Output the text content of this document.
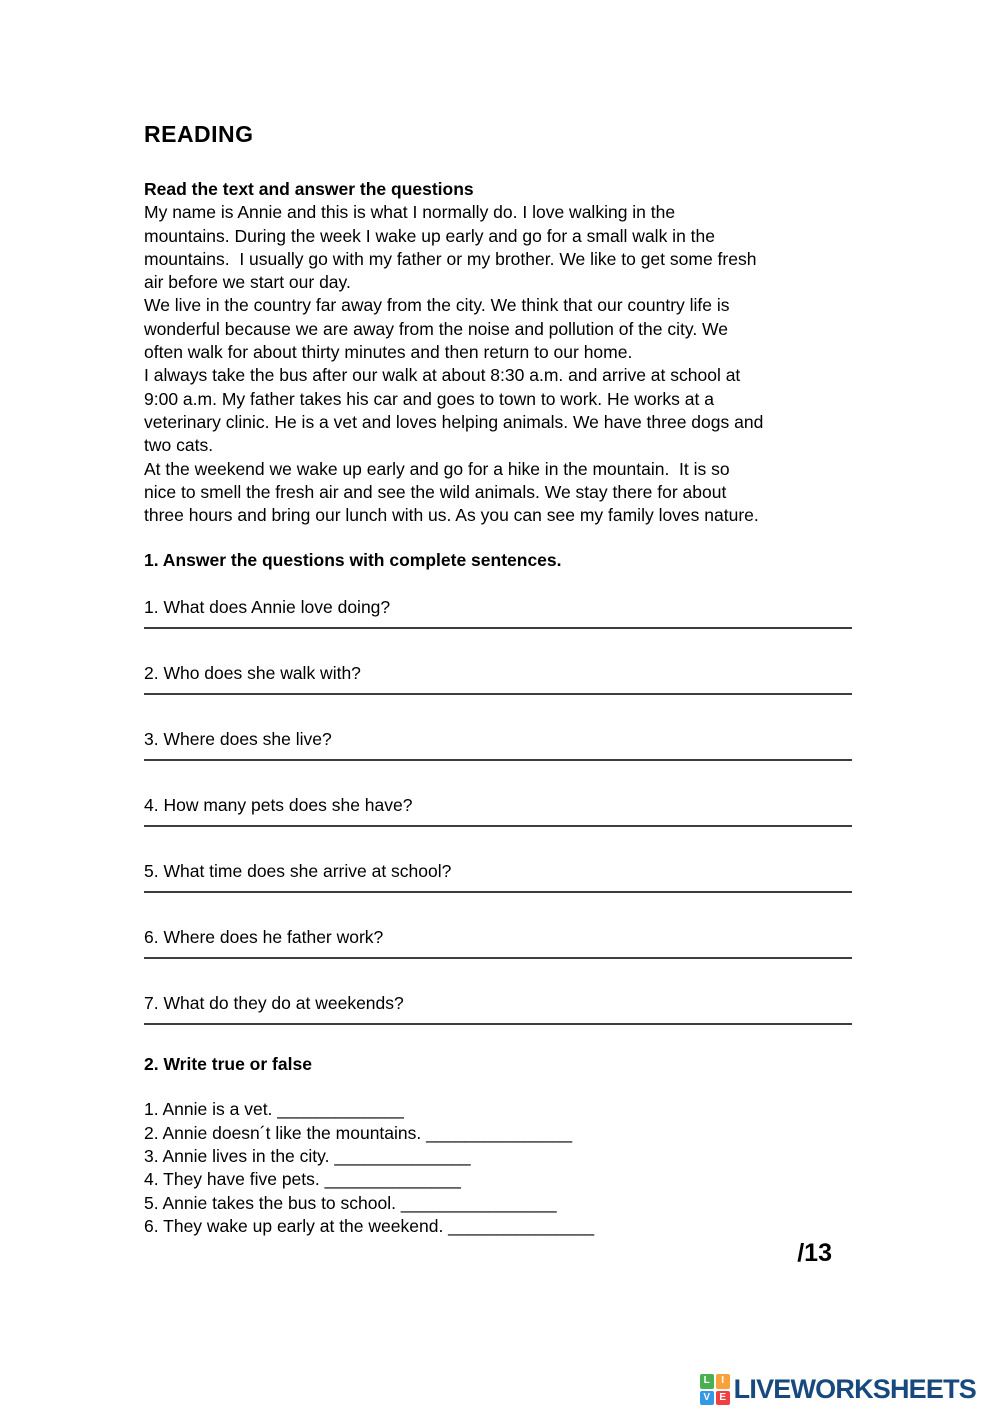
READING
Read the text and answer the questions
My name is Annie and this is what I normally do. I love walking in the
mountains. During the week I wake up early and go for a small walk in the
mountains.  I usually go with my father or my brother. We like to get some fresh
air before we start our day.
We live in the country far away from the city. We think that our country life is
wonderful because we are away from the noise and pollution of the city. We
often walk for about thirty minutes and then return to our home.
I always take the bus after our walk at about 8:30 a.m. and arrive at school at
9:00 a.m. My father takes his car and goes to town to work. He works at a
veterinary clinic. He is a vet and loves helping animals. We have three dogs and
two cats.
At the weekend we wake up early and go for a hike in the mountain.  It is so
nice to smell the fresh air and see the wild animals. We stay there for about
three hours and bring our lunch with us. As you can see my family loves nature.
1. Answer the questions with complete sentences.
1. What does Annie love doing?
2. Who does she walk with?
3. Where does she live?
4. How many pets does she have?
5. What time does she arrive at school?
6. Where does he father work?
7. What do they do at weekends?
2. Write true or false
1. Annie is a vet. _____________
2. Annie doesn´t like the mountains. _______________
3. Annie lives in the city. ______________
4. They have five pets. ______________
5. Annie takes the bus to school. ________________
6. They wake up early at the weekend. _______________
/13
L	I
V E LIVEWORKSHEETS
